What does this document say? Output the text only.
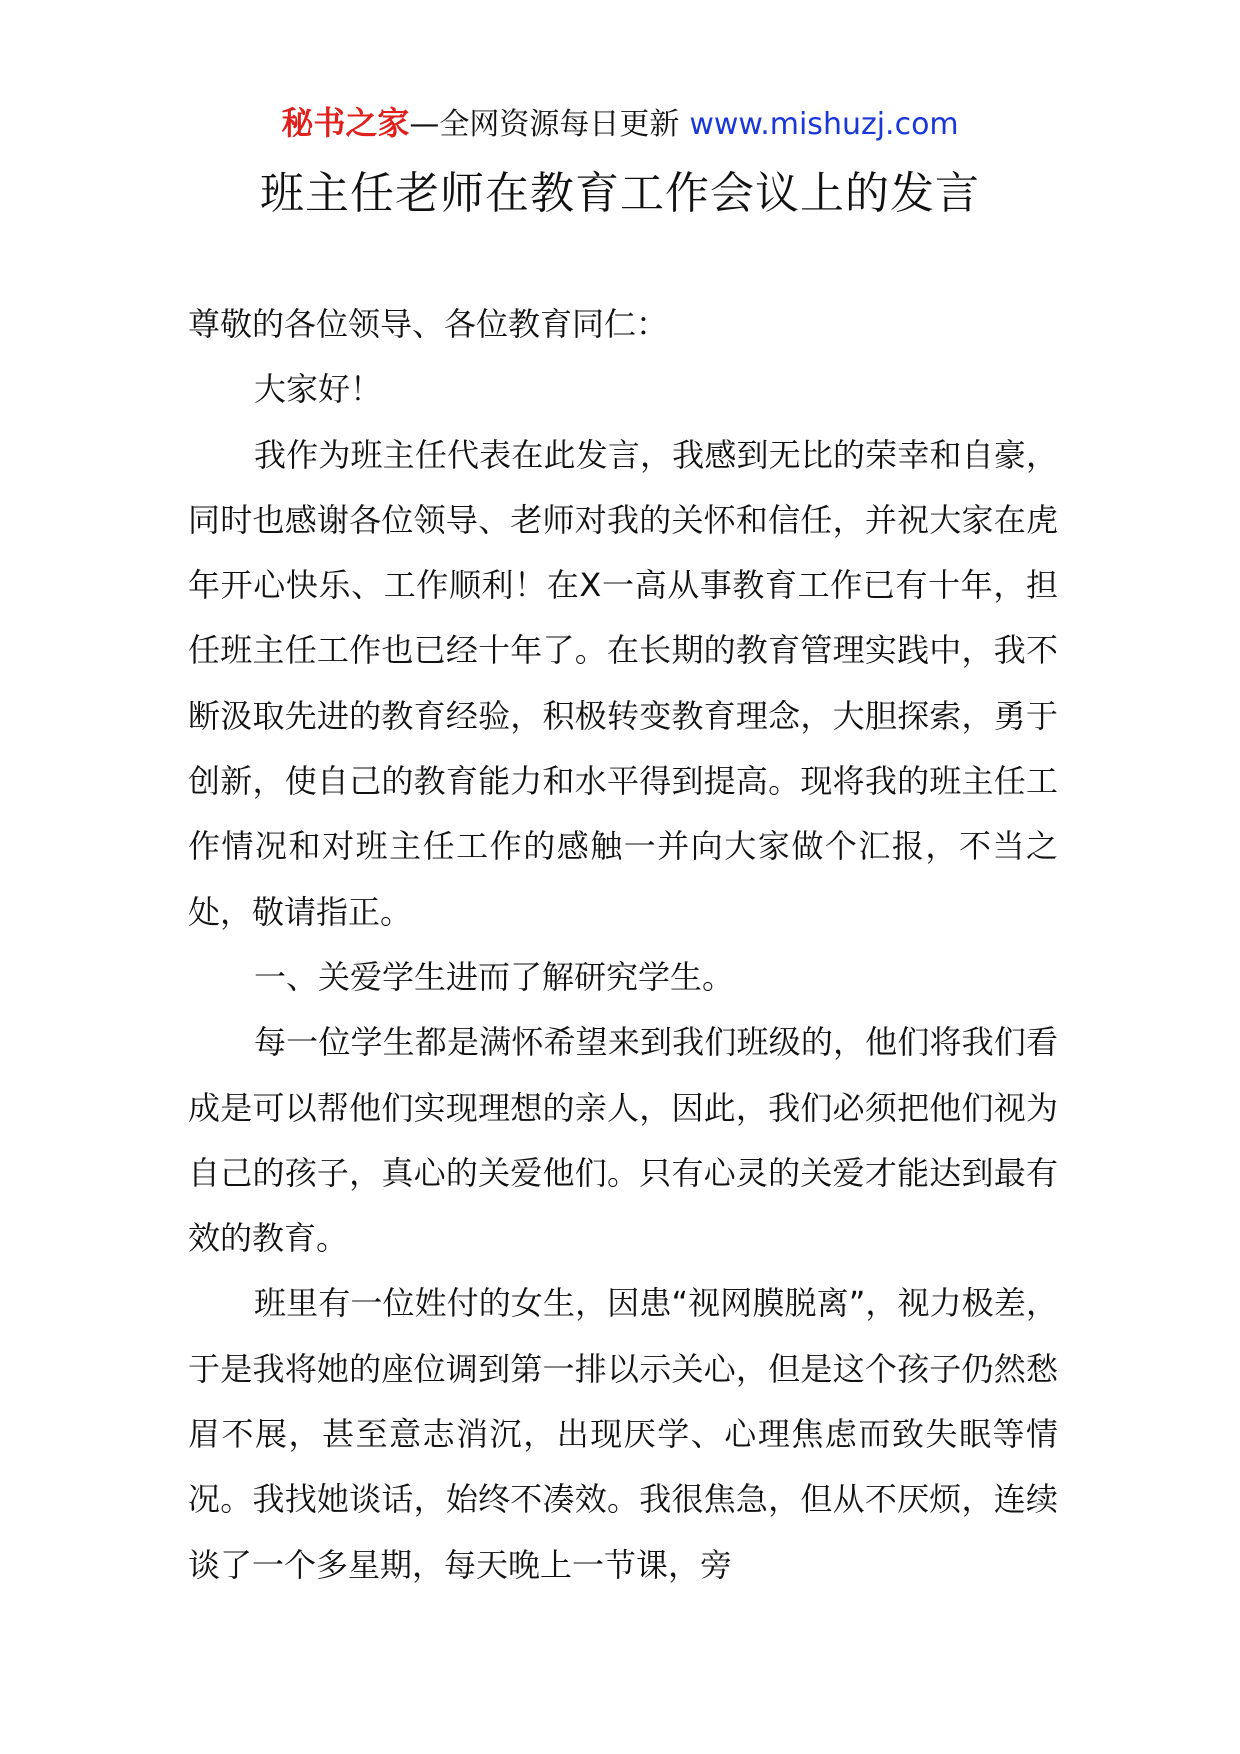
秘书之家—全网资源每日更新 www.mishuzj.com
班主任老师在教育工作会议上的发言

尊敬的各位领导、各位教育同仁：

大家好！

我作为班主任代表在此发言，我感到无比的荣幸和自豪，同时也感谢各位领导、老师对我的关怀和信任，并祝大家在虎年开心快乐、工作顺利！在X一高从事教育工作已有十年，担任班主任工作也已经十年了。在长期的教育管理实践中，我不断汲取先进的教育经验，积极转变教育理念，大胆探索，勇于创新，使自己的教育能力和水平得到提高。现将我的班主任工作情况和对班主任工作的感触一并向大家做个汇报，不当之处，敬请指正。

一、关爱学生进而了解研究学生。

每一位学生都是满怀希望来到我们班级的，他们将我们看成是可以帮他们实现理想的亲人，因此，我们必须把他们视为自己的孩子，真心的关爱他们。只有心灵的关爱才能达到最有效的教育。

班里有一位姓付的女生，因患“视网膜脱离”，视力极差，于是我将她的座位调到第一排以示关心，但是这个孩子仍然愁眉不展，甚至意志消沉，出现厌学、心理焦虑而致失眠等情况。我找她谈话，始终不凑效。我很焦急，但从不厌烦，连续谈了一个多星期，每天晚上一节课，旁
